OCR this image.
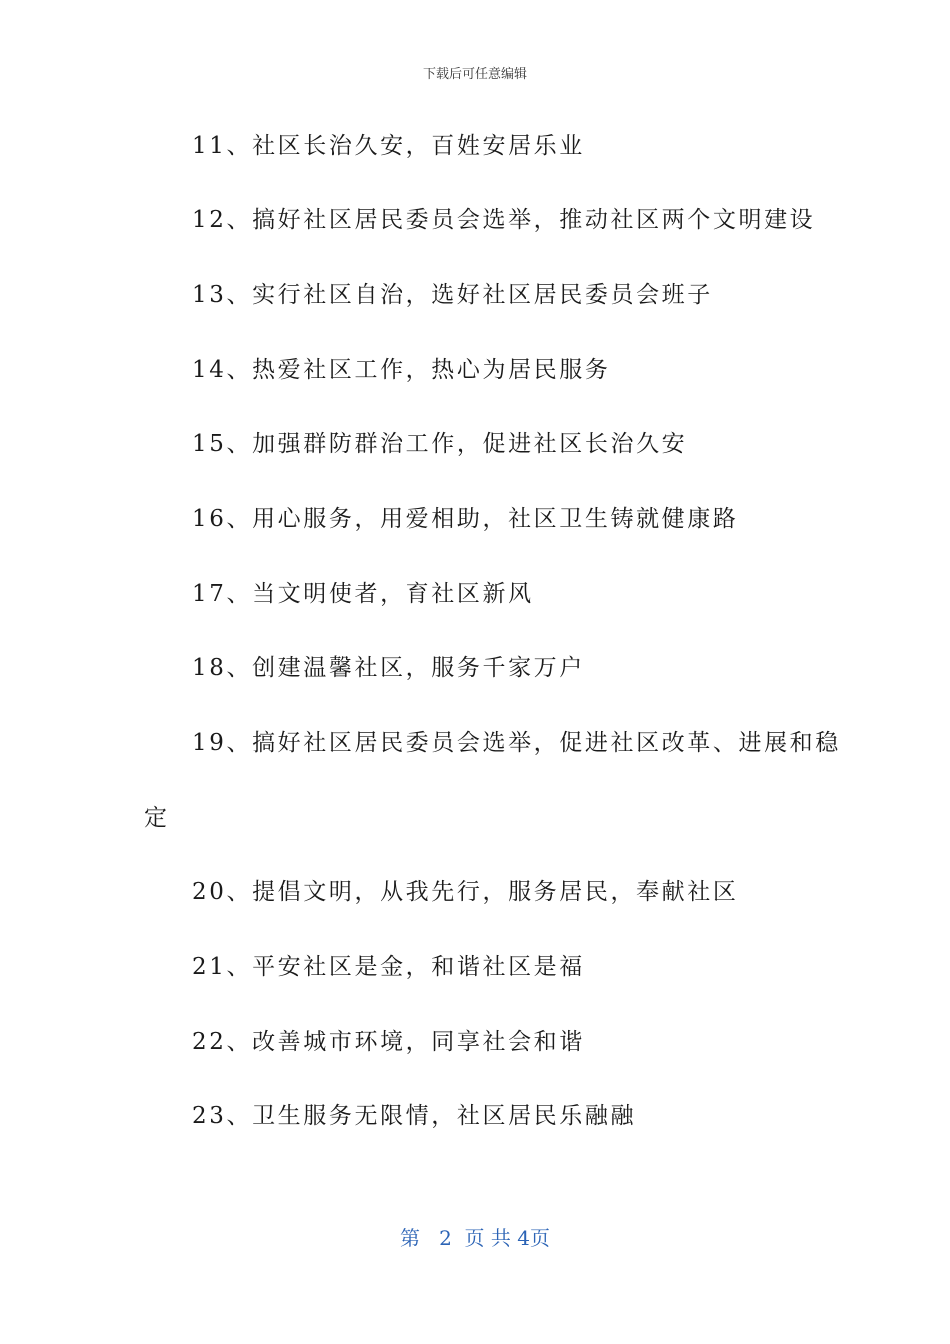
下载后可任意编辑
11、社区长治久安，百姓安居乐业
12、搞好社区居民委员会选举，推动社区两个文明建设
13、实行社区自治，选好社区居民委员会班子
14、热爱社区工作，热心为居民服务
15、加强群防群治工作，促进社区长治久安
16、用心服务，用爱相助，社区卫生铸就健康路
17、当文明使者，育社区新风
18、创建温馨社区，服务千家万户
19、搞好社区居民委员会选举，促进社区改革、进展和稳
定
20、提倡文明，从我先行，服务居民，奉献社区
21、平安社区是金，和谐社区是福
22、改善城市环境，同享社会和谐
23、卫生服务无限情，社区居民乐融融
第 2 页 共 4页
